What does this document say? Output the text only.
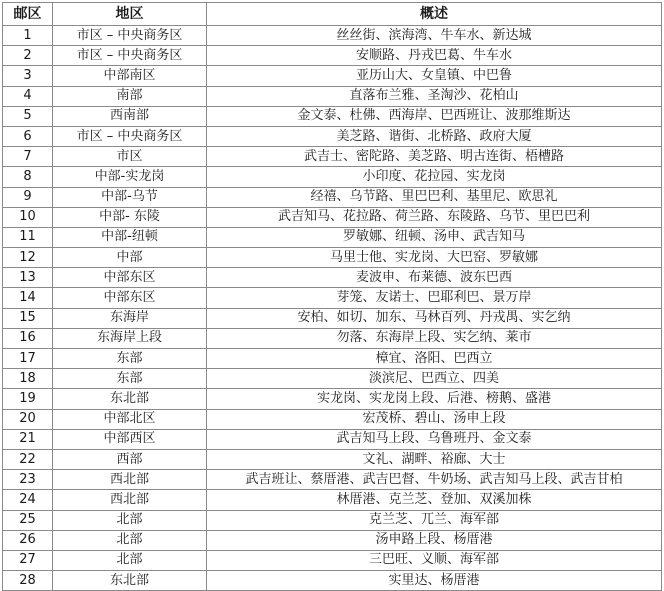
邮区	地区	概述
1	市区 – 中央商务区	丝丝街、滨海湾、牛车水、新达城
2	市区 – 中央商务区	安顺路、丹戎巴葛、牛车水
3	中部南区	亚历山大、女皇镇、中巴鲁
4	南部	直落布兰雅、圣淘沙、花柏山
5	西南部	金文泰、杜佛、西海岸、巴西班让、波那维斯达
6	市区 – 中央商务区	美芝路、谐街、北桥路、政府大厦
7	市区	武吉士、密陀路、美芝路、明古连街、梧槽路
8	中部-实龙岗	小印度、花拉园、实龙岗
9	中部-乌节	经禧、乌节路、里巴巴利、基里尼、欧思礼
10	中部- 东陵	武吉知马、花拉路、荷兰路、东陵路、乌节、里巴巴利
11	中部-纽顿	罗敏娜、纽顿、汤申、武吉知马
12	中部	马里士他、实龙岗、大巴窑、罗敏娜
13	中部东区	麦波申、布莱德、波东巴西
14	中部东区	芽笼、友诺士、巴耶利巴、景万岸
15	东海岸	安柏、如切、加东、马林百列、丹戎禺、实乞纳
16	东海岸上段	勿落、东海岸上段、实乞纳、莱市
17	东部	樟宜、洛阳、巴西立
18	东部	淡滨尼、巴西立、四美
19	东北部	实龙岗、实龙岗上段、后港、榜鹅、盛港
20	中部北区	宏茂桥、碧山、汤申上段
21	中部西区	武吉知马上段、乌鲁班丹、金文泰
22	西部	文礼、湖畔、裕廊、大士
23	西北部	武吉班让、蔡厝港、武吉巴督、牛奶场、武吉知马上段、武吉甘柏
24	西北部	林厝港、克兰芝、登加、双溪加株
25	北部	克兰芝、兀兰、海军部
26	北部	汤申路上段、杨厝港
27	北部	三巴旺、义顺、海军部
28	东北部	实里达、杨厝港
